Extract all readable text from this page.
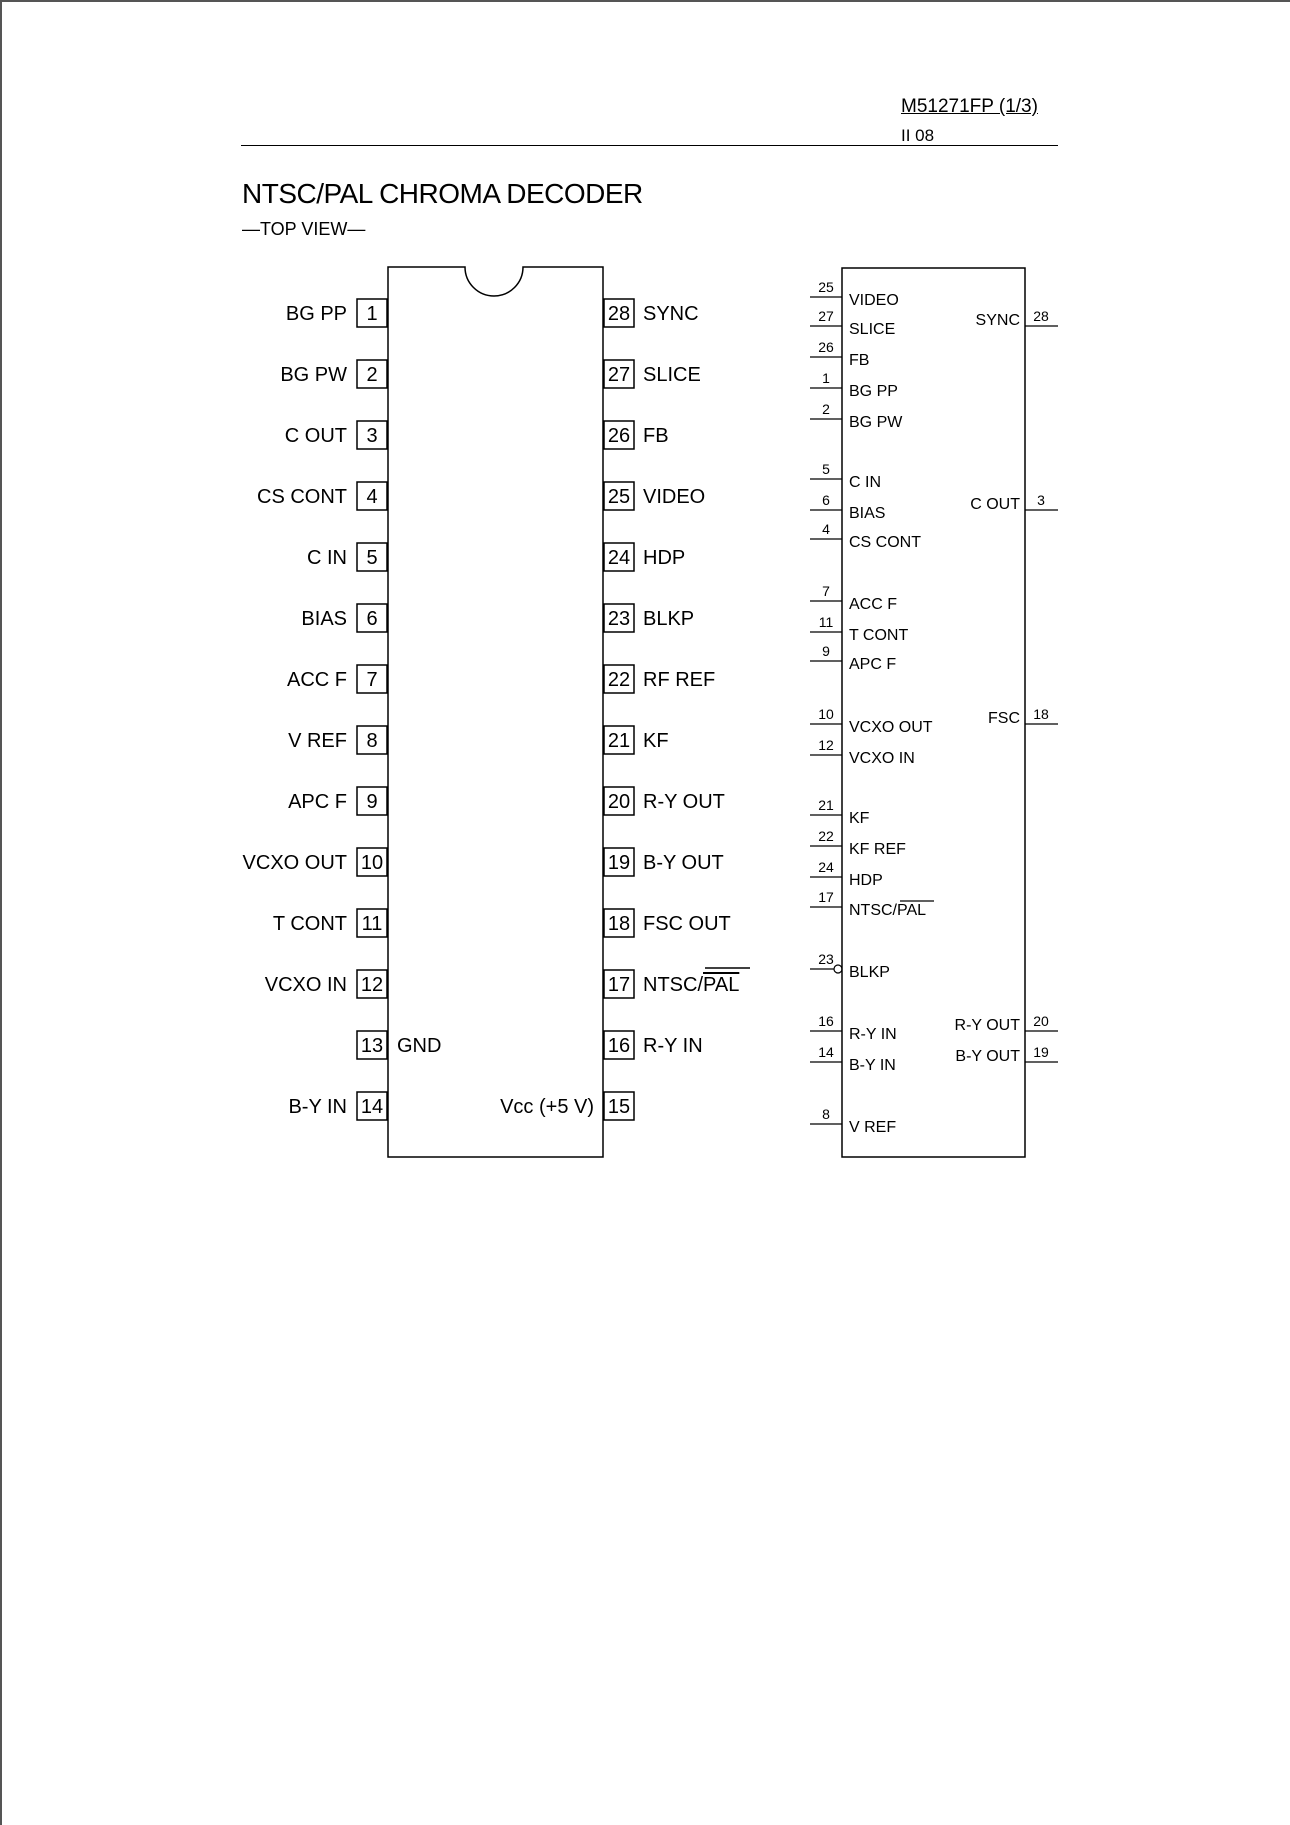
M51271FP (1/3)
II 08
NTSC/PAL CHROMA DECODER
—TOP VIEW—
1
BG PP
2
BG PW
3
C OUT
4
CS CONT
5
C IN
6
BIAS
7
ACC F
8
V REF
9
APC F
10
VCXO OUT
11
T CONT
12
VCXO IN
13 GND
14
B-Y IN
28 SYNC
27 SLICE
26 FB
25 VIDEO
24 HDP
23 BLKP
22 RF REF
21 KF
20 R-Y OUT
19 B-Y OUT
18 FSC OUT
17 NTSC/PAL
16 R-Y IN
15
Vcc (+5 V)
25
VIDEO
27
SLICE
26
FB
1
BG PP
2
BG PW
5
C IN
6
BIAS
4
CS CONT
7
ACC F
11
T CONT
9
APC F
10
VCXO OUT
12
VCXO IN
21
KF
22
KF REF
24
HDP
17
NTSC/PAL
23
BLKP
16
R-Y IN
14
B-Y IN
8
V REF
28
SYNC
3
C OUT
18
FSC
20
R-Y OUT
19
B-Y OUT
